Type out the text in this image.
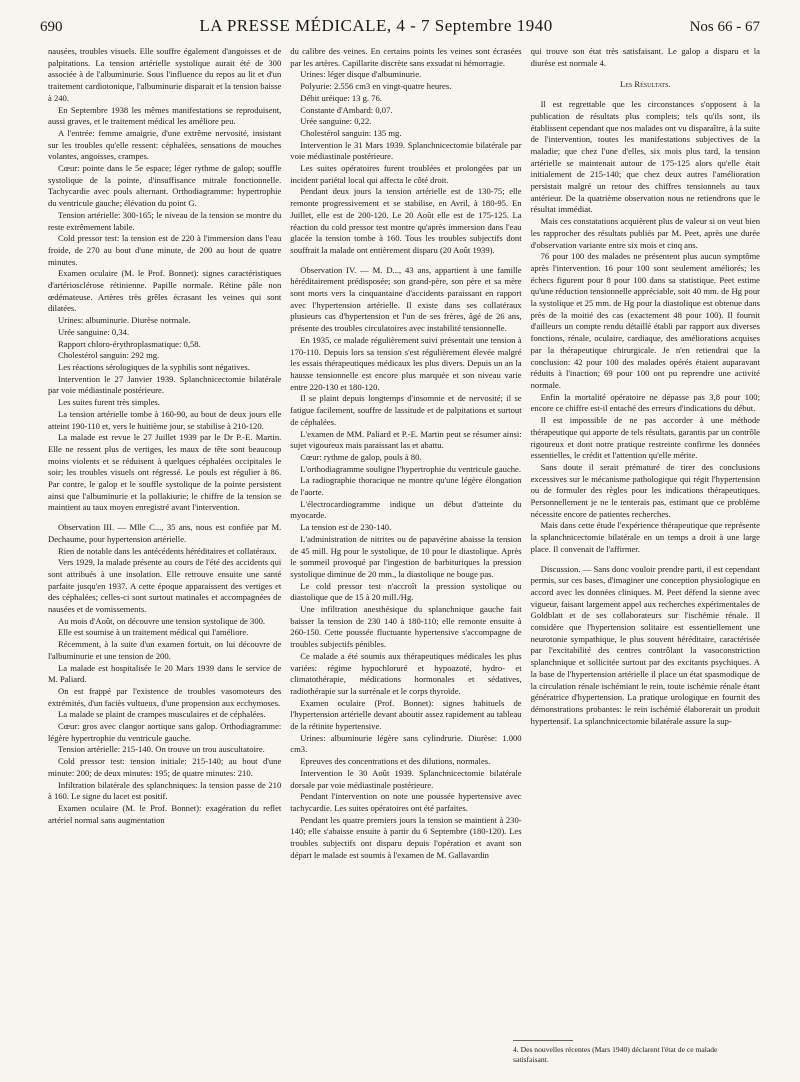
690	LA PRESSE MÉDICALE, 4 - 7 Septembre 1940	Nos 66 - 67

nausées, troubles visuels. Elle souffre également d'angoisses et de palpitations. La tension artérielle systolique aurait été de 300 associée à de l'albuminurie. Sous l'influence du repos au lit et d'un traitement cardiotonique, l'albuminurie disparait et la tension baisse à 240.

En Septembre 1938 les mêmes manifestations se reproduisent, aussi graves, et le traitement médical les améliore peu.

A l'entrée: femme amaigrie, d'une extrême nervosité, insistant sur les troubles qu'elle ressent: céphalées, sensations de mouches volantes, angoisses, crampes.

Cœur: pointe dans le 5e espace; léger rythme de galop; souffle systolique de la pointe, d'insuffisance mitrale fonctionnelle. Tachycardie avec pouls alternant. Orthodiagramme: hypertrophie du ventricule gauche; élévation du point G.

Tension artérielle: 300-165; le niveau de la tension se montre du reste extrêmement labile.

Cold pressor test: la tension est de 220 à l'immersion dans l'eau froide, de 270 au bout d'une minute, de 200 au bout de quatre minutes.

Examen oculaire (M. le Prof. Bonnet): signes caractéristiques d'artériosclérose rétinienne. Papille normale. Rétine pâle non œdémateuse. Artères très grêles écrasant les veines qui sont dilatées.

Urines: albuminurie. Diurèse normale.

Urée sanguine: 0,34.

Rapport chloro-érythroplasmatique: 0,58.

Cholestérol sanguin: 292 mg.

Les réactions sérologiques de la syphilis sont négatives.

Intervention le 27 Janvier 1939. Splanchnicectomie bilatérale par voie médiastinale postérieure.

Les suites furent très simples.

La tension artérielle tombe à 160-90, au bout de deux jours elle atteint 190-110 et, vers le huitième jour, se stabilise à 210-120.

La malade est revue le 27 Juillet 1939 par le Dr P.-E. Martin. Elle ne ressent plus de vertiges, les maux de tête sont beaucoup moins violents et se réduisent à quelques céphalées occipitales le soir; les troubles visuels ont régressé. Le pouls est régulier à 86. Par contre, le galop et le souffle systolique de la pointe persistent ainsi que l'albuminurie et la pollakiurie; le chiffre de la tension se maintient au taux moyen enregistré avant l'intervention.

Observation III. — Mlle C..., 35 ans, nous est confiée par M. Dechaume, pour hypertension artérielle.

Rien de notable dans les antécédents héréditaires et collatéraux.

Vers 1929, la malade présente au cours de l'été des accidents qui sont attribués à une insolation. Elle retrouve ensuite une santé parfaite jusqu'en 1937. A cette époque apparaissent des vertiges et des céphalées; celles-ci sont surtout matinales et accompagnées de nausées et de vomissements.

Au mois d'Août, on découvre une tension systolique de 300.

Elle est soumise à un traitement médical qui l'améliore.

Récemment, à la suite d'un examen fortuit, on lui découvre de l'albuminurie et une tension de 200.

La malade est hospitalisée le 20 Mars 1939 dans le service de M. Paliard.

On est frappé par l'existence de troubles vasomoteurs des extrémités, d'un faciès vultueux, d'une propension aux ecchymoses.

La malade se plaint de crampes musculaires et de céphalées.

Cœur: gros avec clangor aortique sans galop. Orthodiagramme: légère hypertrophie du ventricule gauche.

Tension artérielle: 215-140. On trouve un trou auscultatoire.

Cold pressor test: tension initiale: 215-140; au bout d'une minute: 200; de deux minutes: 195; de quatre minutes: 210.

Infiltration bilatérale des splanchniques: la tension passe de 210 à 160. Le signe du lacet est positif.

Examen oculaire (M. le Prof. Bonnet): exagération du reflet artériel normal sans augmentation

du calibre des veines. En certains points les veines sont écrasées par les artères. Capillarite discrète sans exsudat ni hémorragie.

Urines: léger disque d'albuminurie.

Polyurie: 2.556 cm3 en vingt-quatre heures.

Débit uréique: 13 g. 76.

Constante d'Ambard: 0,07.

Urée sanguine: 0,22.

Cholestérol sanguin: 135 mg.

Intervention le 31 Mars 1939. Splanchnicectomie bilatérale par voie médiastinale postérieure.

Les suites opératoires furent troublées et prolongées par un incident pariétal local qui affecta le côté droit.

Pendant deux jours la tension artérielle est de 130-75; elle remonte progressivement et se stabilise, en Avril, à 180-95. En Juillet, elle est de 200-120. Le 20 Août elle est de 175-125. La réaction du cold pressor test montre qu'après immersion dans l'eau glacée la tension tombe à 160. Tous les troubles subjectifs dont souffrait la malade ont entièrement disparu (20 Août 1939).

Observation IV. — M. D..., 43 ans, appartient à une famille héréditairement prédisposée; son grand-père, son père et sa mère sont morts vers la cinquantaine d'accidents paraissant en rapport avec l'hypertension artérielle. Il existe dans ses collatéraux plusieurs cas d'hypertension et l'un de ses frères, âgé de 26 ans, présente des troubles circulatoires avec instabilité tensionnelle.

En 1935, ce malade régulièrement suivi présentait une tension à 170-110. Depuis lors sa tension s'est régulièrement élevée malgré les essais thérapeutiques médicaux les plus divers. Depuis un an la hausse tensionnelle est encore plus marquée et son niveau varie entre 220-130 et 180-120.

Il se plaint depuis longtemps d'insomnie et de nervosité; il se fatigue facilement, souffre de lassitude et de palpitations et surtout de céphalées.

L'examen de MM. Paliard et P.-E. Martin peut se résumer ainsi: sujet vigoureux mais paraissant las et abattu.

Cœur: rythme de galop, pouls à 80.

L'orthodiagramme souligne l'hypertrophie du ventricule gauche.

La radiographie thoracique ne montre qu'une légère élongation de l'aorte.

L'électrocardiogramme indique un début d'atteinte du myocarde.

La tension est de 230-140.

L'administration de nitrites ou de papavérine abaisse la tension de 45 mill. Hg pour le systolique, de 10 pour le diastolique. Après le sommeil provoqué par l'ingestion de barbituriques la pression systolique diminue de 20 mm., la diastolique ne bouge pas.

Le cold pressor test n'accroît la pression systolique ou diastolique que de 15 à 20 mill./Hg.

Une infiltration anesthésique du splanchnique gauche fait baisser la tension de 230 140 à 180-110; elle remonte ensuite à 260-150. Cette poussée fluctuante hypertensive s'accompagne de troubles subjectifs pénibles.

Ce malade a été soumis aux thérapeutiques médicales les plus variées: régime hypochloruré et hypoazoté, hydro- et climatothérapie, médications hormonales et sédatives, radiothérapie sur la surrénale et le corps thyroïde.

Examen oculaire (Prof. Bonnet): signes habituels de l'hypertension artérielle devant aboutir assez rapidement au tableau de la rétinite hypertensive.

Urines: albuminurie légère sans cylindrurie. Diurèse: 1.000 cm3.

Epreuves des concentrations et des dilutions, normales.

Intervention le 30 Août 1939. Splanchnicectomie bilatérale dorsale par voie médiastinale postérieure.

Pendant l'intervention on note une poussée hypertensive avec tachycardie. Les suites opératoires ont été parfaites.

Pendant les quatre premiers jours la tension se maintient à 230-140; elle s'abaisse ensuite à partir du 6 Septembre (180-120). Les troubles subjectifs ont disparu depuis l'opération et avant son départ le malade est soumis à l'examen de M. Gallavardin

qui trouve son état très satisfaisant. Le galop a disparu et la diurèse est normale 4.

Les Résultats.

Il est regrettable que les circonstances s'opposent à la publication de résultats plus complets; tels qu'ils sont, ils établissent cependant que nos malades ont vu disparaître, à la suite de l'intervention, toutes les manifestations subjectives de la maladie; que chez l'une d'elles, six mois plus tard, la tension artérielle se maintenait autour de 175-125 alors qu'elle était initialement de 215-140; que chez deux autres l'amélioration persistait malgré un retour des chiffres tensionnels au taux antérieur. De la quatrième observation nous ne retiendrons que le résultat immédiat.

Mais ces constatations acquièrent plus de valeur si on veut bien les rapprocher des résultats publiés par M. Peet, après une durée d'observation variante entre six mois et cinq ans.

76 pour 100 des malades ne présentent plus aucun symptôme après l'intervention. 16 pour 100 sont seulement améliorés; les échecs figurent pour 8 pour 100 dans sa statistique. Peet estime qu'une réduction tensionnelle appréciable, soit 40 mm. de Hg pour la systolique et 25 mm. de Hg pour la diastolique est obtenue dans près de la moitié des cas (exactement 48 pour 100). Il fournit d'ailleurs un compte rendu détaillé établi par rapport aux diverses fonctions, rénale, oculaire, cardiaque, des améliorations acquises par la thérapeutique chirurgicale. Je n'en retiendrai que la conclusion: 42 pour 100 des malades opérés étaient auparavant réduits à l'inaction; 69 pour 100 ont pu reprendre une activité normale.

Enfin la mortalité opératoire ne dépasse pas 3,8 pour 100; encore ce chiffre est-il entaché des erreurs d'indications du début.

Il est impossible de ne pas accorder à une méthode thérapeutique qui apporte de tels résultats, garantis par un contrôle rigoureux et dont notre pratique restreinte confirme les données essentielles, le crédit et l'attention qu'elle mérite.

Sans doute il serait prématuré de tirer des conclusions excessives sur le mécanisme pathologique qui régit l'hypertension ou de formuler des règles pour les indications thérapeutiques. Personnellement je ne le tenterais pas, estimant que ce problème nécessite encore de patientes recherches.

Mais dans cette étude l'expérience thérapeutique que représente la splanchnicectomie bilatérale en un temps a droit à une large place. Il convenait de l'affirmer.

Discussion. — Sans donc vouloir prendre parti, il est cependant permis, sur ces bases, d'imaginer une conception physiologique en accord avec les données cliniques. M. Peet défend la sienne avec vigueur, faisant largement appel aux recherches expérimentales de Goldblatt et de ses collaborateurs sur l'ischémie rénale. Il considère que l'hypertension solitaire est essentiellement une neurotonie sympathique, le plus souvent héréditaire, caractérisée par l'excitabilité des centres contrôlant la vasoconstriction splanchnique et sollicitée surtout par des excitants psychiques. A la base de l'hypertension artérielle il place un état spasmodique de la circulation rénale ischémiant le rein, toute ischémie rénale étant génératrice d'hypertension. La pratique urologique en fournit des démonstrations probantes: le rein ischémié élaborerait un produit hypertensif. La splanchnicectomie bilatérale assure la sup-

4. Des nouvelles récentes (Mars 1940) déclarent l'état de ce malade satisfaisant.
